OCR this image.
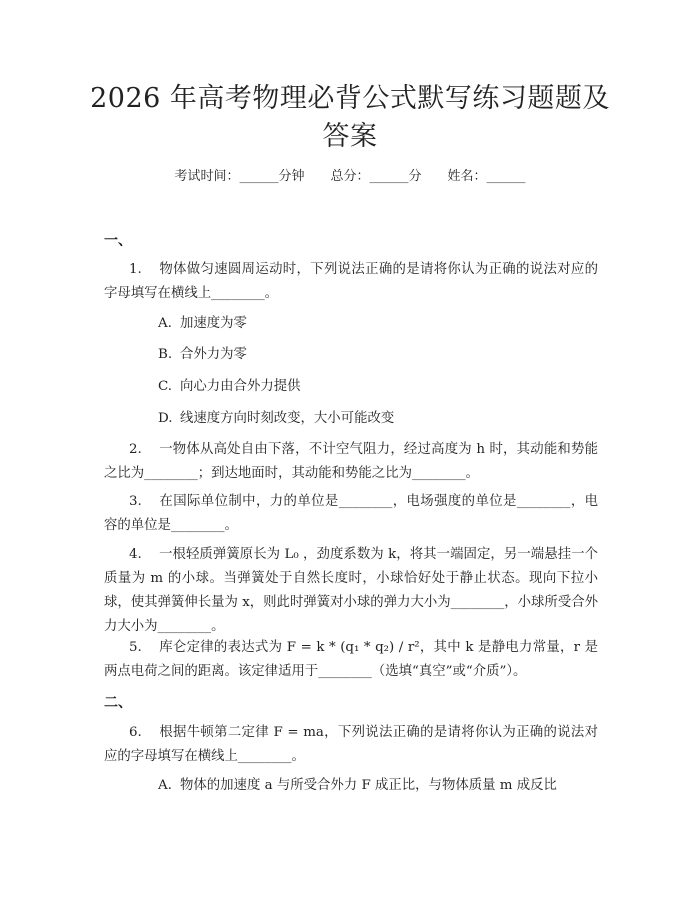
2026 年高考物理必背公式默写练习题题及答案
考试时间：______分钟 总分：______分 姓名：______
一、
1. 物体做匀速圆周运动时，下列说法正确的是请将你认为正确的说法对应的字母填写在横线上________。
A. 加速度为零
B. 合外力为零
C. 向心力由合外力提供
D. 线速度方向时刻改变，大小可能改变
2. 一物体从高处自由下落，不计空气阻力，经过高度为 h 时，其动能和势能之比为________；到达地面时，其动能和势能之比为________。
3. 在国际单位制中，力的单位是________，电场强度的单位是________，电容的单位是________。
4. 一根轻质弹簧原长为 L₀ ，劲度系数为 k，将其一端固定，另一端悬挂一个质量为 m 的小球。当弹簧处于自然长度时，小球恰好处于静止状态。现向下拉小球，使其弹簧伸长量为 x，则此时弹簧对小球的弹力大小为________，小球所受合外力大小为________。
5. 库仑定律的表达式为 F = k * (q₁ * q₂) / r²，其中 k 是静电力常量，r 是两点电荷之间的距离。该定律适用于________（选填“真空”或“介质”）。
二、
6. 根据牛顿第二定律 F = ma，下列说法正确的是请将你认为正确的说法对应的字母填写在横线上________。
A. 物体的加速度 a 与所受合外力 F 成正比，与物体质量 m 成反比
